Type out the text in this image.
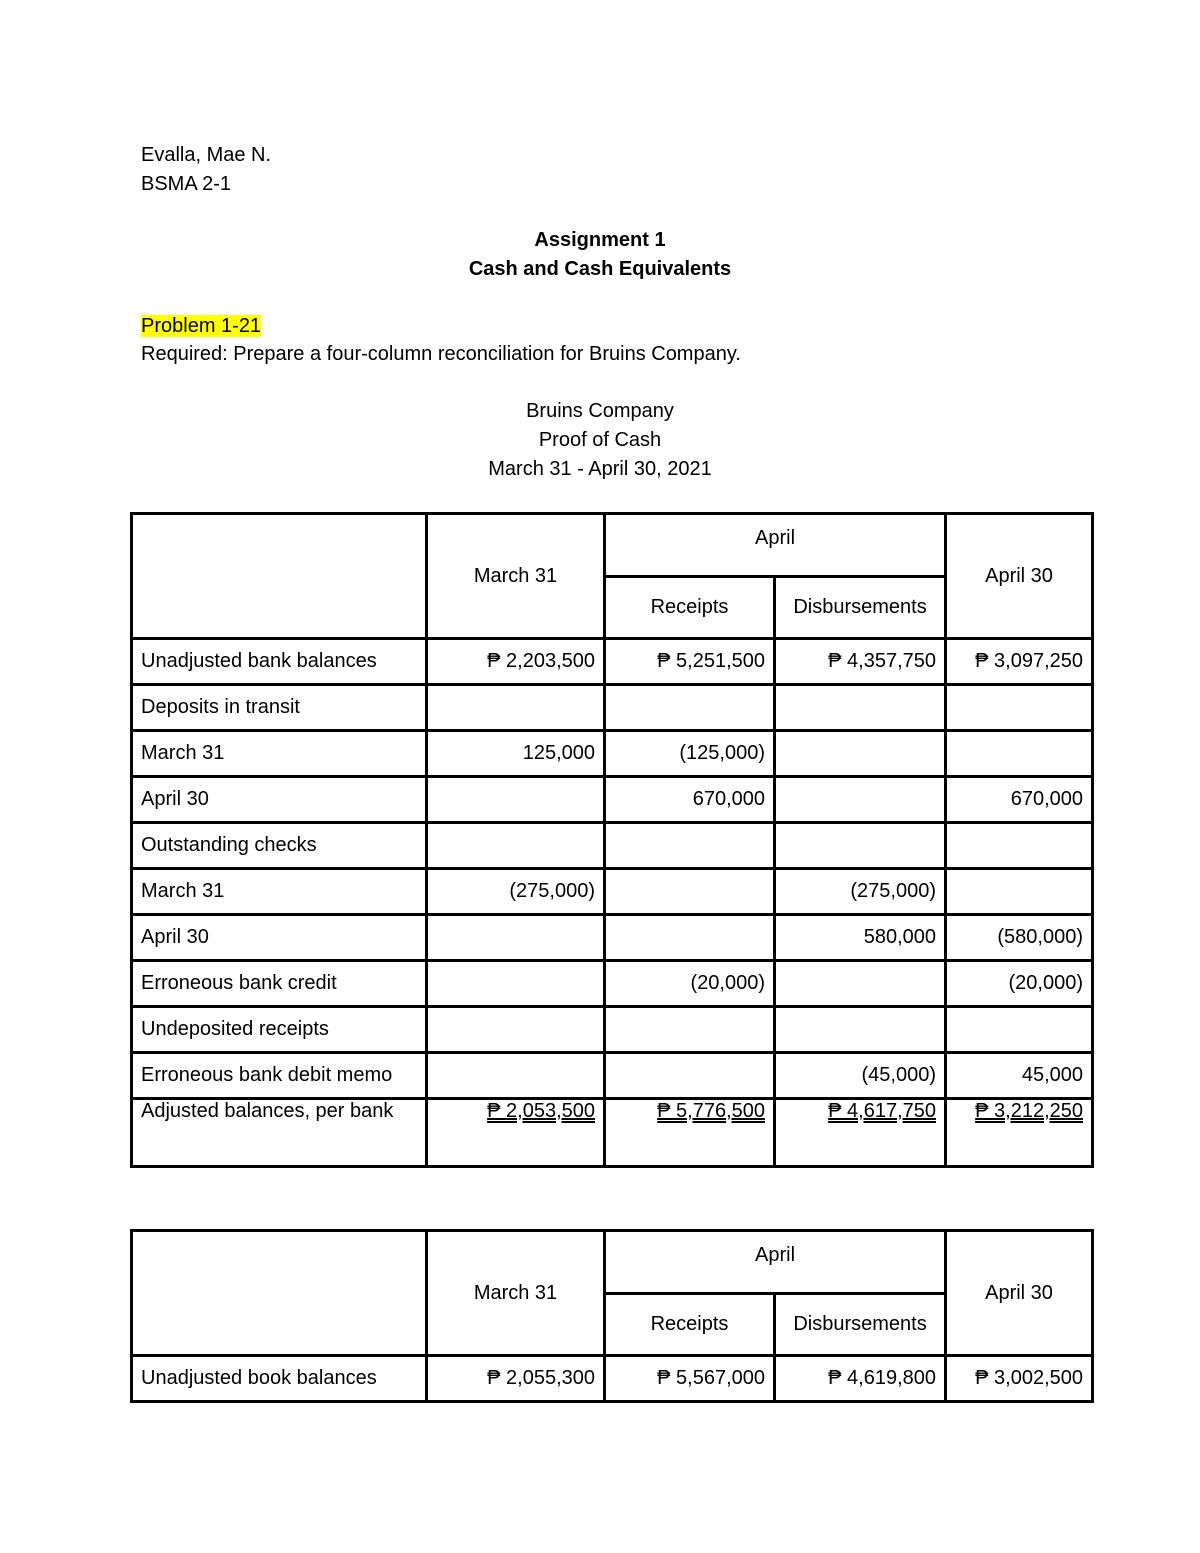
Evalla, Mae N.
BSMA 2-1
Assignment 1
Cash and Cash Equivalents
Problem 1-21
Required: Prepare a four-column reconciliation for Bruins Company.
Bruins Company
Proof of Cash
March 31 - April 30, 2021
	March 31	April		April 30
		Receipts	Disbursements	
Unadjusted bank balances	₱ 2,203,500	₱ 5,251,500	₱ 4,357,750	₱ 3,097,250
Deposits in transit				
March 31	125,000	(125,000)		
April 30		670,000		670,000
Outstanding checks				
March 31	(275,000)		(275,000)	
April 30			580,000	(580,000)
Erroneous bank credit		(20,000)		(20,000)
Undeposited receipts				
Erroneous bank debit memo			(45,000)	45,000
Adjusted balances, per bank	₱ 2,053,500	₱ 5,776,500	₱ 4,617,750	₱ 3,212,250
	March 31	April		April 30
		Receipts	Disbursements	
Unadjusted book balances	₱ 2,055,300	₱ 5,567,000	₱ 4,619,800	₱ 3,002,500
